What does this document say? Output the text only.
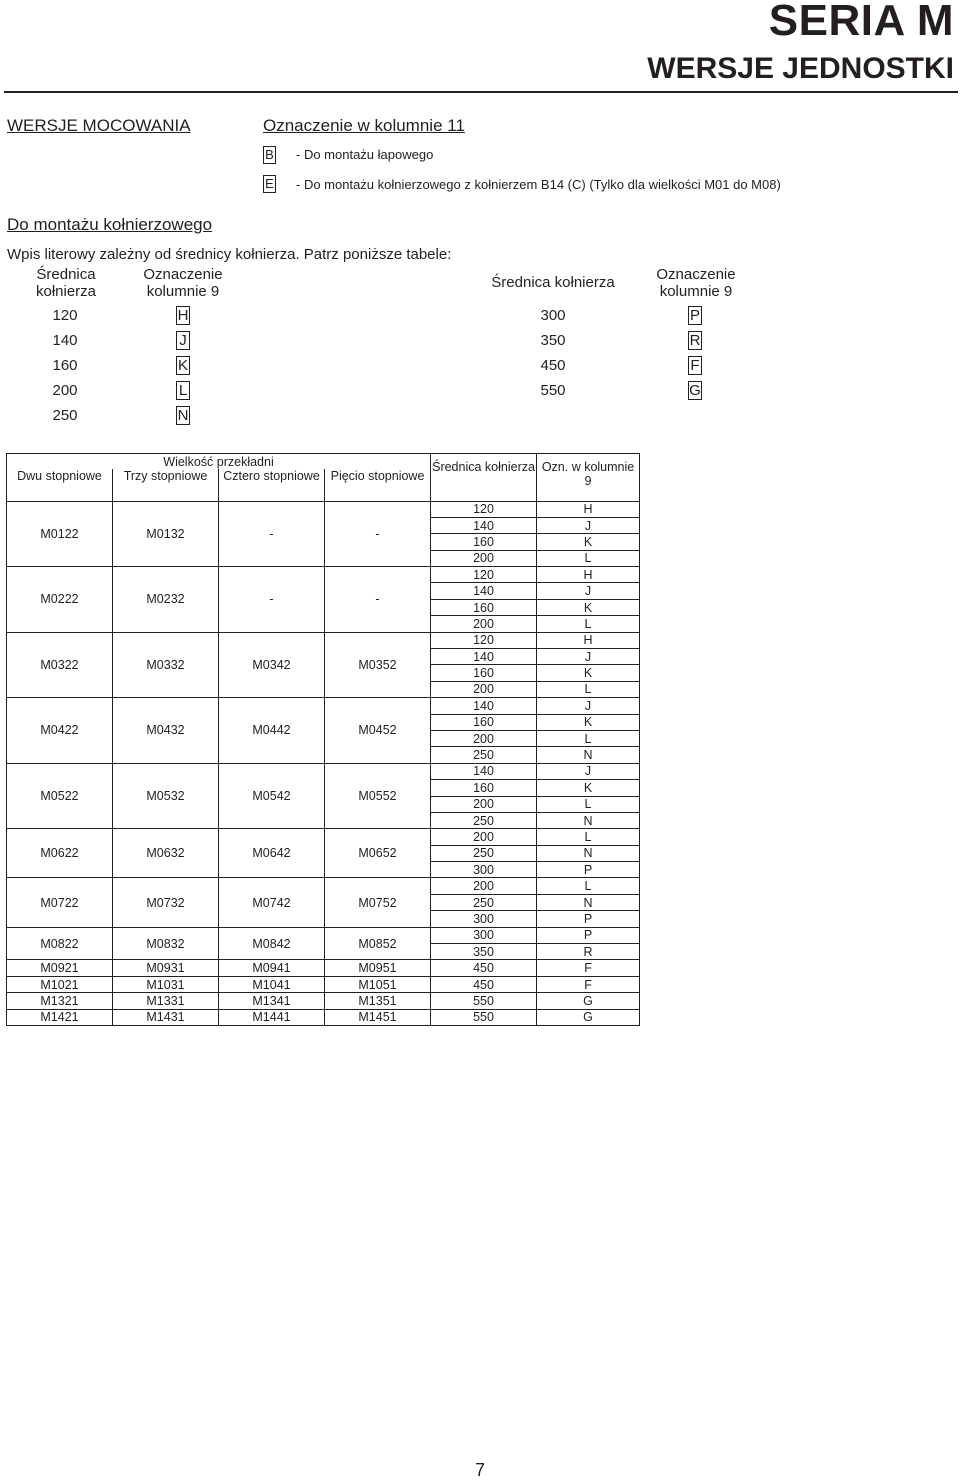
SERIA M
WERSJE JEDNOSTKI
WERSJE MOCOWANIA	Oznaczenie w kolumnie 11
B - Do montażu łapowego
E - Do montażu kołnierzowego z kołnierzem B14 (C) (Tylko dla wielkości M01 do M08)
Do montażu kołnierzowego
Wpis literowy zależny od średnicy kołnierza. Patrz poniższe tabele:
Średnica kołnierza
Oznaczenie kolumnie 9
Średnica kołnierza	Oznaczenie kolumnie 9
120	H
140	J
160	K
200	L
250	N
300	P
350	R
450	F
550	G
Wielkość przekładni				Średnica kołnierza	Ozn. w kolumnie 9
Dwu stopniowe	Trzy stopniowe	Cztero stopniowe	Pięcio stopniowe		

M0122	M0132	-	-	120	H
				140	J
				160	K
				200	L
M0222	M0232	-	-	120	H
				140	J
				160	K
				200	L
M0322	M0332	M0342	M0352	120	H
				140	J
				160	K
				200	L
M0422	M0432	M0442	M0452	140	J
				160	K
				200	L
				250	N
M0522	M0532	M0542	M0552	140	J
				160	K
				200	L
				250	N
M0622	M0632	M0642	M0652	200	L
				250	N
				300	P
M0722	M0732	M0742	M0752	200	L
				250	N
				300	P
M0822	M0832	M0842	M0852	300	P
				350	R
M0921	M0931	M0941	M0951	450	F
M1021	M1031	M1041	M1051	450	F
M1321	M1331	M1341	M1351	550	G
M1421	M1431	M1441	M1451	550	G
7
